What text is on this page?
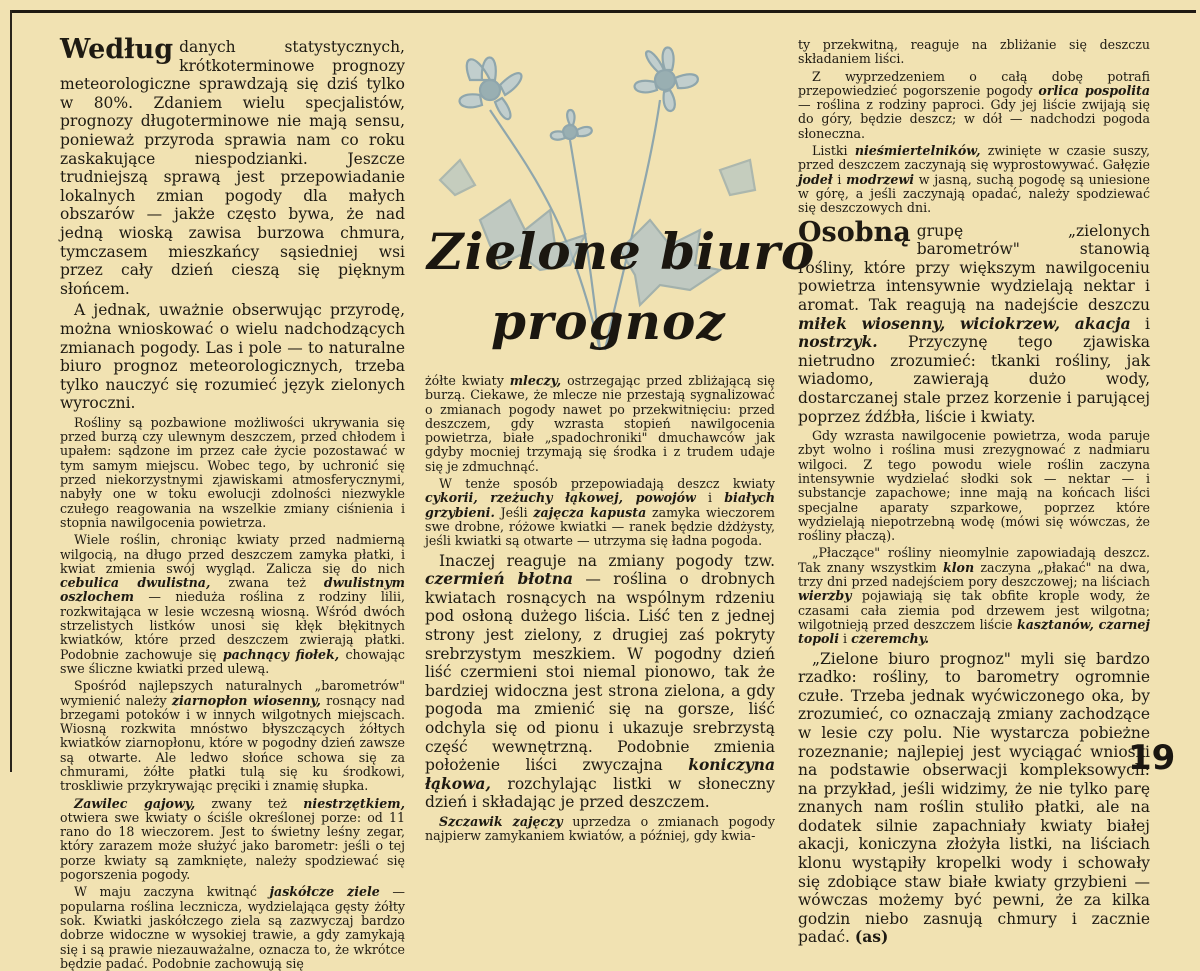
Zielone biuro
prognoz

Według danych statystycznych, krótkoterminowe prognozy meteorologiczne sprawdzają się dziś tylko w 80%. Zdaniem wielu specjalistów, prognozy długoterminowe nie mają sensu, ponieważ przyroda sprawia nam co roku zaskakujące niespodzianki. Jeszcze trudniejszą sprawą jest przepowiadanie lokalnych zmian pogody dla małych obszarów — jakże często bywa, że nad jedną wioską zawisa burzowa chmura, tymczasem mieszkańcy sąsiedniej wsi przez cały dzień cieszą się pięknym słońcem.

A jednak, uważnie obserwując przyrodę, można wnioskować o wielu nadchodzących zmianach pogody. Las i pole — to naturalne biuro prognoz meteorologicznych, trzeba tylko nauczyć się rozumieć język zielonych wyroczni.

Rośliny są pozbawione możliwości ukrywania się przed burzą czy ulewnym deszczem, przed chłodem i upałem: sądzone im przez całe życie pozostawać w tym samym miejscu. Wobec tego, by uchronić się przed niekorzystnymi zjawiskami atmosferycznymi, nabyły one w toku ewolucji zdolności niezwykle czułego reagowania na wszelkie zmiany ciśnienia i stopnia nawilgocenia powietrza.

Wiele roślin, chroniąc kwiaty przed nadmierną wilgocią, na długo przed deszczem zamyka płatki, i kwiat zmienia swój wygląd. Zalicza się do nich cebulica dwulistna, zwana też dwulistnym oszlochem — nieduża roślina z rodziny lilii, rozkwitająca w lesie wczesną wiosną. Wśród dwóch strzelistych listków unosi się kłęk błękitnych kwiatków, które przed deszczem zwierają płatki. Podobnie zachowuje się pachnący fiołek, chowając swe śliczne kwiatki przed ulewą.

Spośród najlepszych naturalnych „barometrów" wymienić należy ziarnopłon wiosenny, rosnący nad brzegami potoków i w innych wilgotnych miejscach. Wiosną rozkwita mnóstwo błyszczących żółtych kwiatków ziarnopłonu, które w pogodny dzień zawsze są otwarte. Ale ledwo słońce schowa się za chmurami, żółte płatki tulą się ku środkowi, troskliwie przykrywając pręciki i znamię słupka.

Zawilec gajowy, zwany też niestrzętkiem, otwiera swe kwiaty o ściśle określonej porze: od 11 rano do 18 wieczorem. Jest to świetny leśny zegar, który zarazem może służyć jako barometr: jeśli o tej porze kwiaty są zamknięte, należy spodziewać się pogorszenia pogody.

W maju zaczyna kwitnąć jaskółcze ziele — popularna roślina lecznicza, wydzielająca gęsty żółty sok. Kwiatki jaskółczego ziela są zazwyczaj bardzo dobrze widoczne w wysokiej trawie, a gdy zamykają się i są prawie niezauważalne, oznacza to, że wkrótce będzie padać. Podobnie zachowują się

żółte kwiaty mleczy, ostrzegając przed zbliżającą się burzą. Ciekawe, że mlecze nie przestają sygnalizować o zmianach pogody nawet po przekwitnięciu: przed deszczem, gdy wzrasta stopień nawilgocenia powietrza, białe „spadochroniki" dmuchawców jak gdyby mocniej trzymają się środka i z trudem udaje się je zdmuchnąć.

W tenże sposób przepowiadają deszcz kwiaty cykorii, rzeżuchy łąkowej, powojów i białych grzybieni. Jeśli zajęcza kapusta zamyka wieczorem swe drobne, różowe kwiatki — ranek będzie dżdżysty, jeśli kwiatki są otwarte — utrzyma się ładna pogoda.

Inaczej reaguje na zmiany pogody tzw. czermień błotna — roślina o drobnych kwiatach rosnących na wspólnym rdzeniu pod osłoną dużego liścia. Liść ten z jednej strony jest zielony, z drugiej zaś pokryty srebrzystym meszkiem. W pogodny dzień liść czermieni stoi niemal pionowo, tak że bardziej widoczna jest strona zielona, a gdy pogoda ma zmienić się na gorsze, liść odchyla się od pionu i ukazuje srebrzystą część wewnętrzną. Podobnie zmienia położenie liści zwyczajna koniczyna łąkowa, rozchylając listki w słoneczny dzień i składając je przed deszczem.

Szczawik zajęczy uprzedza o zmianach pogody najpierw zamykaniem kwiatów, a później, gdy kwia-

ty przekwitną, reaguje na zbliżanie się deszczu składaniem liści.

Z wyprzedzeniem o całą dobę potrafi przepowiedzieć pogorszenie pogody orlica pospolita — roślina z rodziny paproci. Gdy jej liście zwijają się do góry, będzie deszcz; w dół — nadchodzi pogoda słoneczna.

Listki nieśmiertelników, zwinięte w czasie suszy, przed deszczem zaczynają się wyprostowywać. Gałęzie jodeł i modrzewi w jasną, suchą pogodę są uniesione w górę, a jeśli zaczynają opadać, należy spodziewać się deszczowych dni.

Osobną grupę „zielonych barometrów" stanowią rośliny, które przy większym nawilgoceniu powietrza intensywnie wydzielają nektar i aromat. Tak reagują na nadejście deszczu miłek wiosenny, wiciokrzew, akacja i nostrzyk. Przyczynę tego zjawiska nietrudno zrozumieć: tkanki rośliny, jak wiadomo, zawierają dużo wody, dostarczanej stale przez korzenie i parującej poprzez źdźbła, liście i kwiaty.

Gdy wzrasta nawilgocenie powietrza, woda paruje zbyt wolno i roślina musi zrezygnować z nadmiaru wilgoci. Z tego powodu wiele roślin zaczyna intensywnie wydzielać słodki sok — nektar — i substancje zapachowe; inne mają na końcach liści specjalne aparaty szparkowe, poprzez które wydzielają niepotrzebną wodę (mówi się wówczas, że rośliny płaczą).

„Płaczące" rośliny nieomylnie zapowiadają deszcz. Tak znany wszystkim klon zaczyna „płakać" na dwa, trzy dni przed nadejściem pory deszczowej; na liściach wierzby pojawiają się tak obfite krople wody, że czasami cała ziemia pod drzewem jest wilgotna; wilgotnieją przed deszczem liście kasztanów, czarnej topoli i czeremchy.

„Zielone biuro prognoz" myli się bardzo rzadko: rośliny, to barometry ogromnie czułe. Trzeba jednak wyćwiczonego oka, by zrozumieć, co oznaczają zmiany zachodzące w lesie czy polu. Nie wystarcza pobieżne rozeznanie; najlepiej jest wyciągać wnioski na podstawie obserwacji kompleksowych: na przykład, jeśli widzimy, że nie tylko parę znanych nam roślin stuliło płatki, ale na dodatek silnie zapachniały kwiaty białej akacji, koniczyna złożyła listki, na liściach klonu wystąpiły kropelki wody i schowały się zdobiące staw białe kwiaty grzybieni — wówczas możemy być pewni, że za kilka godzin niebo zasnują chmury i zacznie padać. (as)

19
